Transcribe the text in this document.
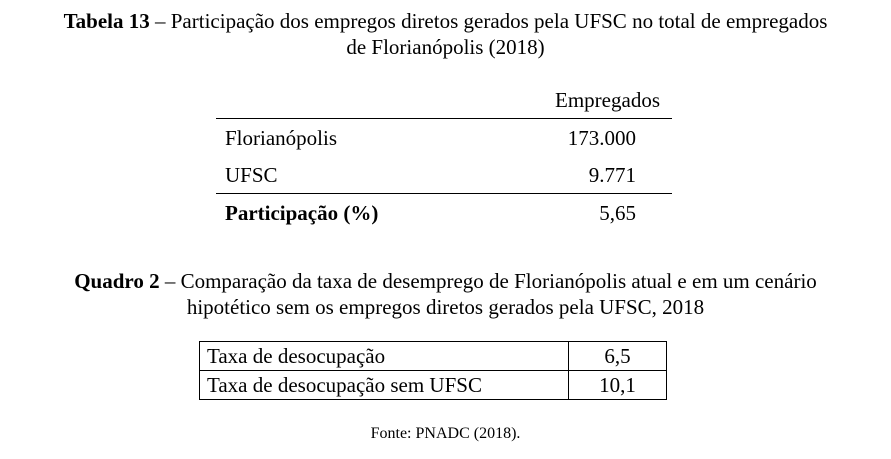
Tabela 13 – Participação dos empregos diretos gerados pela UFSC no total de empregados
de Florianópolis (2018)
Empregados
Florianópolis	173.000
UFSC	9.771
Participação (%)	5,65
Quadro 2 – Comparação da taxa de desemprego de Florianópolis atual e em um cenário
hipotético sem os empregos diretos gerados pela UFSC, 2018
Taxa de desocupação	6,5
Taxa de desocupação sem UFSC	10,1
Fonte: PNADC (2018).
